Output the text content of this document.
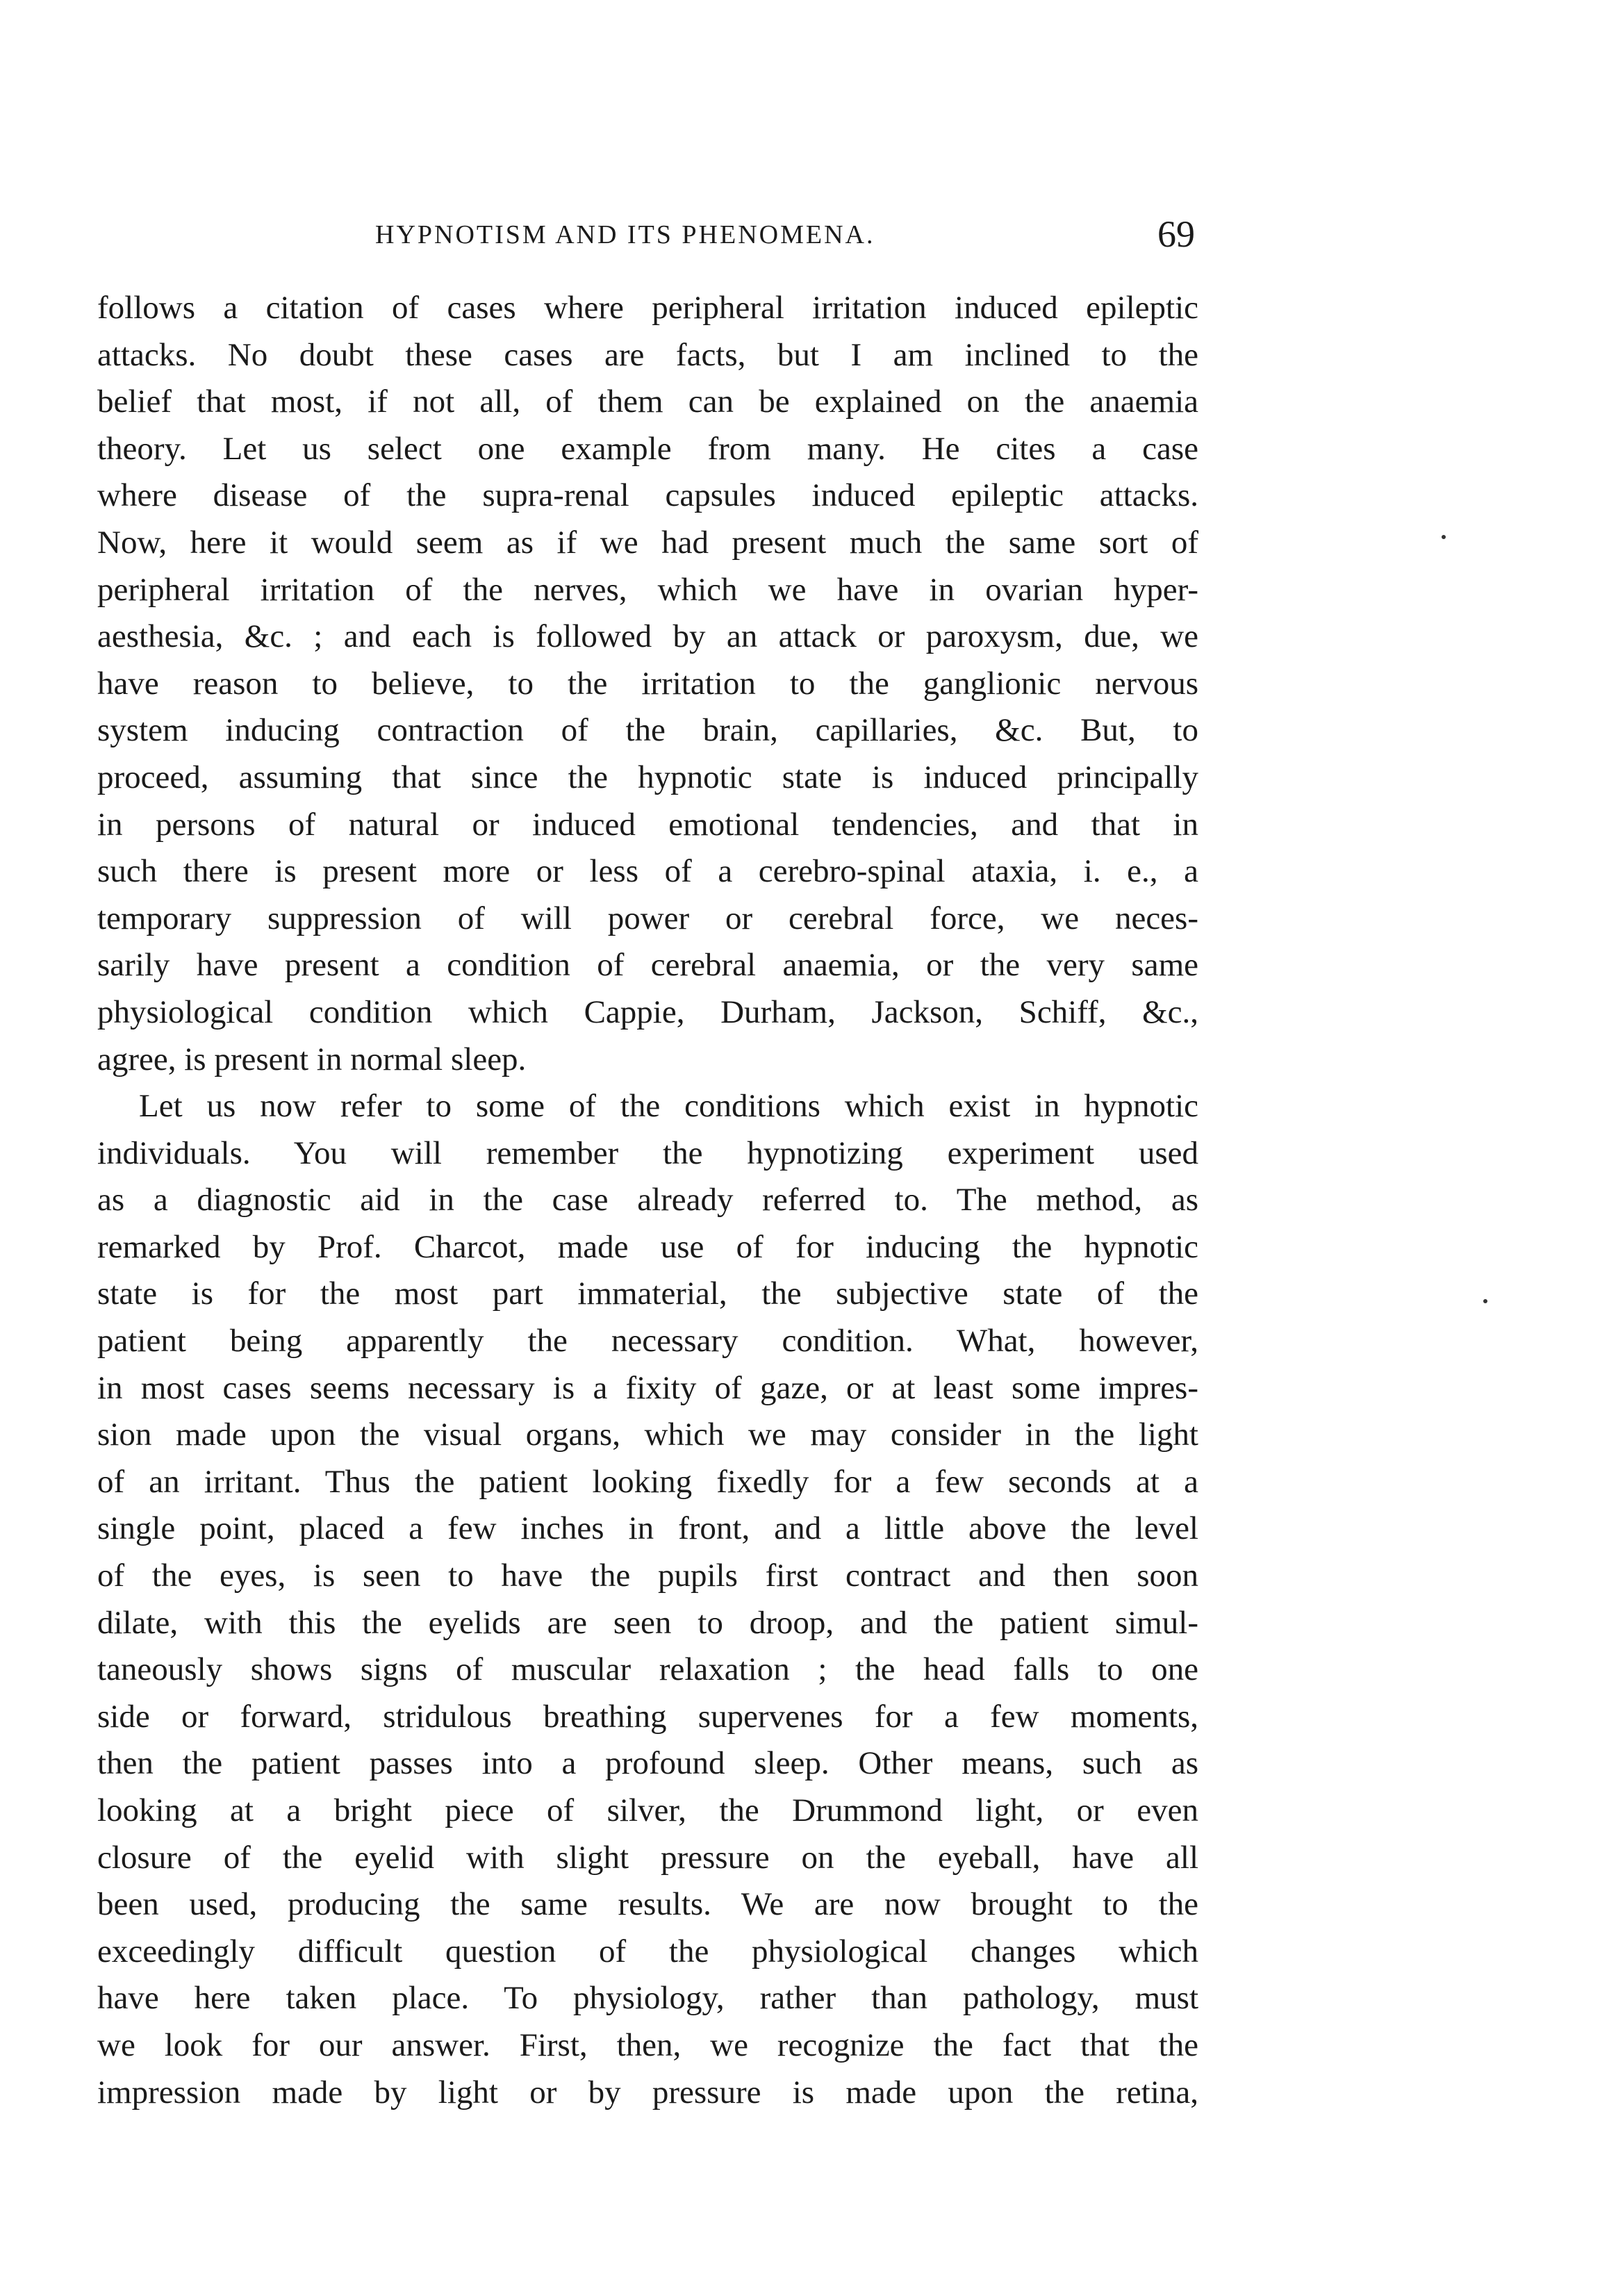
HYPNOTISM AND ITS PHENOMENA.	69
follows a citation of cases where peripheral irritation induced epileptic
attacks. No doubt these cases are facts, but I am inclined to the
belief that most, if not all, of them can be explained on the anaemia
theory. Let us select one example from many. He cites a case
where disease of the supra-renal capsules induced epileptic attacks.
Now, here it would seem as if we had present much the same sort of
peripheral irritation of the nerves, which we have in ovarian hyper-
aesthesia, &c. ; and each is followed by an attack or paroxysm, due, we
have reason to believe, to the irritation to the ganglionic nervous
system inducing contraction of the brain, capillaries, &c. But, to
proceed, assuming that since the hypnotic state is induced principally
in persons of natural or induced emotional tendencies, and that in
such there is present more or less of a cerebro-spinal ataxia, i. e., a
temporary suppression of will power or cerebral force, we neces-
sarily have present a condition of cerebral anaemia, or the very same
physiological condition which Cappie, Durham, Jackson, Schiff, &c.,
agree, is present in normal sleep.
Let us now refer to some of the conditions which exist in hypnotic
individuals. You will remember the hypnotizing experiment used
as a diagnostic aid in the case already referred to. The method, as
remarked by Prof. Charcot, made use of for inducing the hypnotic
state is for the most part immaterial, the subjective state of the
patient being apparently the necessary condition. What, however,
in most cases seems necessary is a fixity of gaze, or at least some impres-
sion made upon the visual organs, which we may consider in the light
of an irritant. Thus the patient looking fixedly for a few seconds at a
single point, placed a few inches in front, and a little above the level
of the eyes, is seen to have the pupils first contract and then soon
dilate, with this the eyelids are seen to droop, and the patient simul-
taneously shows signs of muscular relaxation ; the head falls to one
side or forward, stridulous breathing supervenes for a few moments,
then the patient passes into a profound sleep. Other means, such as
looking at a bright piece of silver, the Drummond light, or even
closure of the eyelid with slight pressure on the eyeball, have all
been used, producing the same results. We are now brought to the
exceedingly difficult question of the physiological changes which
have here taken place. To physiology, rather than pathology, must
we look for our answer. First, then, we recognize the fact that the
impression made by light or by pressure is made upon the retina,
